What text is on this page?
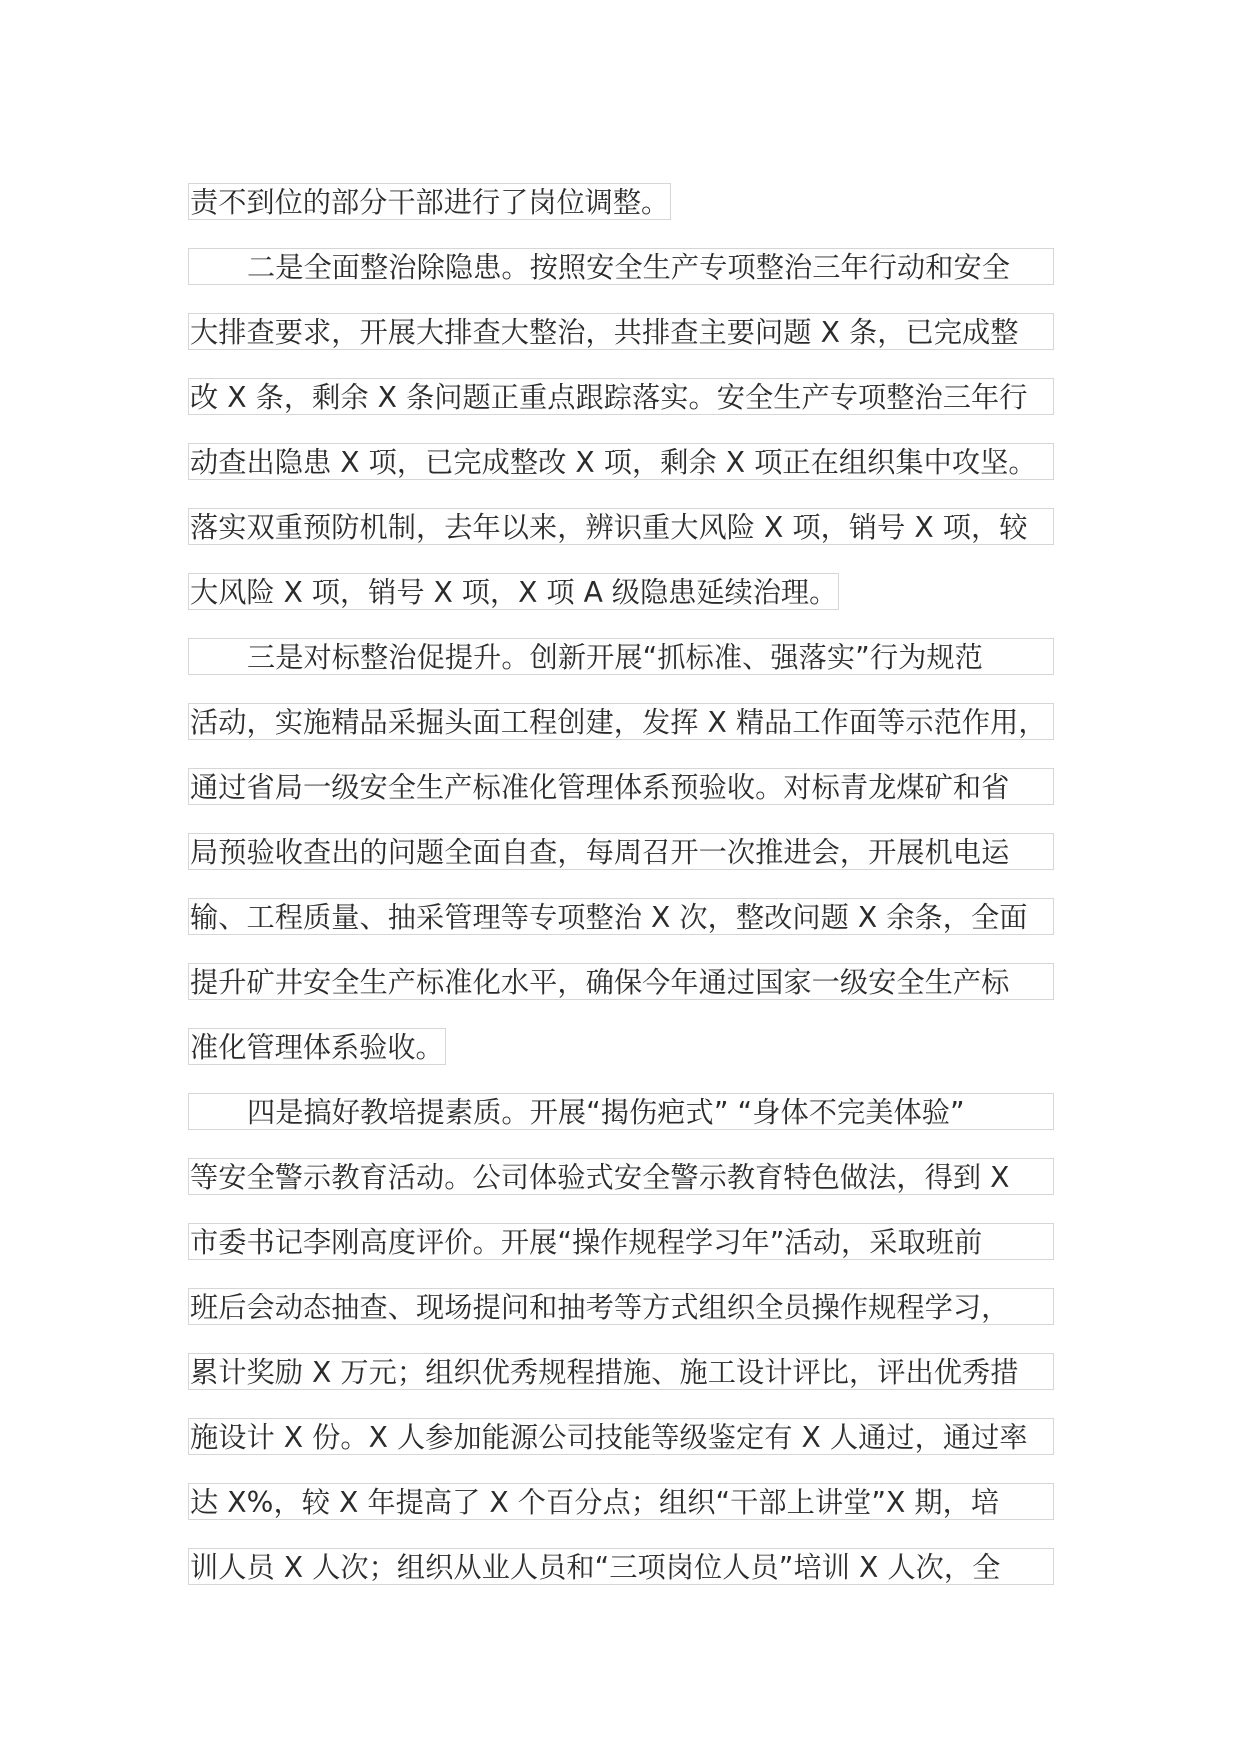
责不到位的部分干部进行了岗位调整。
二是全面整治除隐患。按照安全生产专项整治三年行动和安全
大排查要求，开展大排查大整治，共排查主要问题 X 条，已完成整
改 X 条，剩余 X 条问题正重点跟踪落实。安全生产专项整治三年行
动查出隐患 X 项，已完成整改 X 项，剩余 X 项正在组织集中攻坚。
落实双重预防机制，去年以来，辨识重大风险 X 项，销号 X 项，较
大风险 X 项，销号 X 项，X 项 A 级隐患延续治理。
三是对标整治促提升。创新开展“抓标准、强落实”行为规范
活动，实施精品采掘头面工程创建，发挥 X 精品工作面等示范作用，
通过省局一级安全生产标准化管理体系预验收。对标青龙煤矿和省
局预验收查出的问题全面自查，每周召开一次推进会，开展机电运
输、工程质量、抽采管理等专项整治 X 次，整改问题 X 余条，全面
提升矿井安全生产标准化水平，确保今年通过国家一级安全生产标
准化管理体系验收。
四是搞好教培提素质。开展“揭伤疤式” “身体不完美体验”
等安全警示教育活动。公司体验式安全警示教育特色做法，得到 X
市委书记李刚高度评价。开展“操作规程学习年”活动，采取班前
班后会动态抽查、现场提问和抽考等方式组织全员操作规程学习，
累计奖励 X 万元；组织优秀规程措施、施工设计评比，评出优秀措
施设计 X 份。X 人参加能源公司技能等级鉴定有 X 人通过，通过率
达 X%，较 X 年提高了 X 个百分点；组织“干部上讲堂”X 期，培
训人员 X 人次；组织从业人员和“三项岗位人员”培训 X 人次，全
